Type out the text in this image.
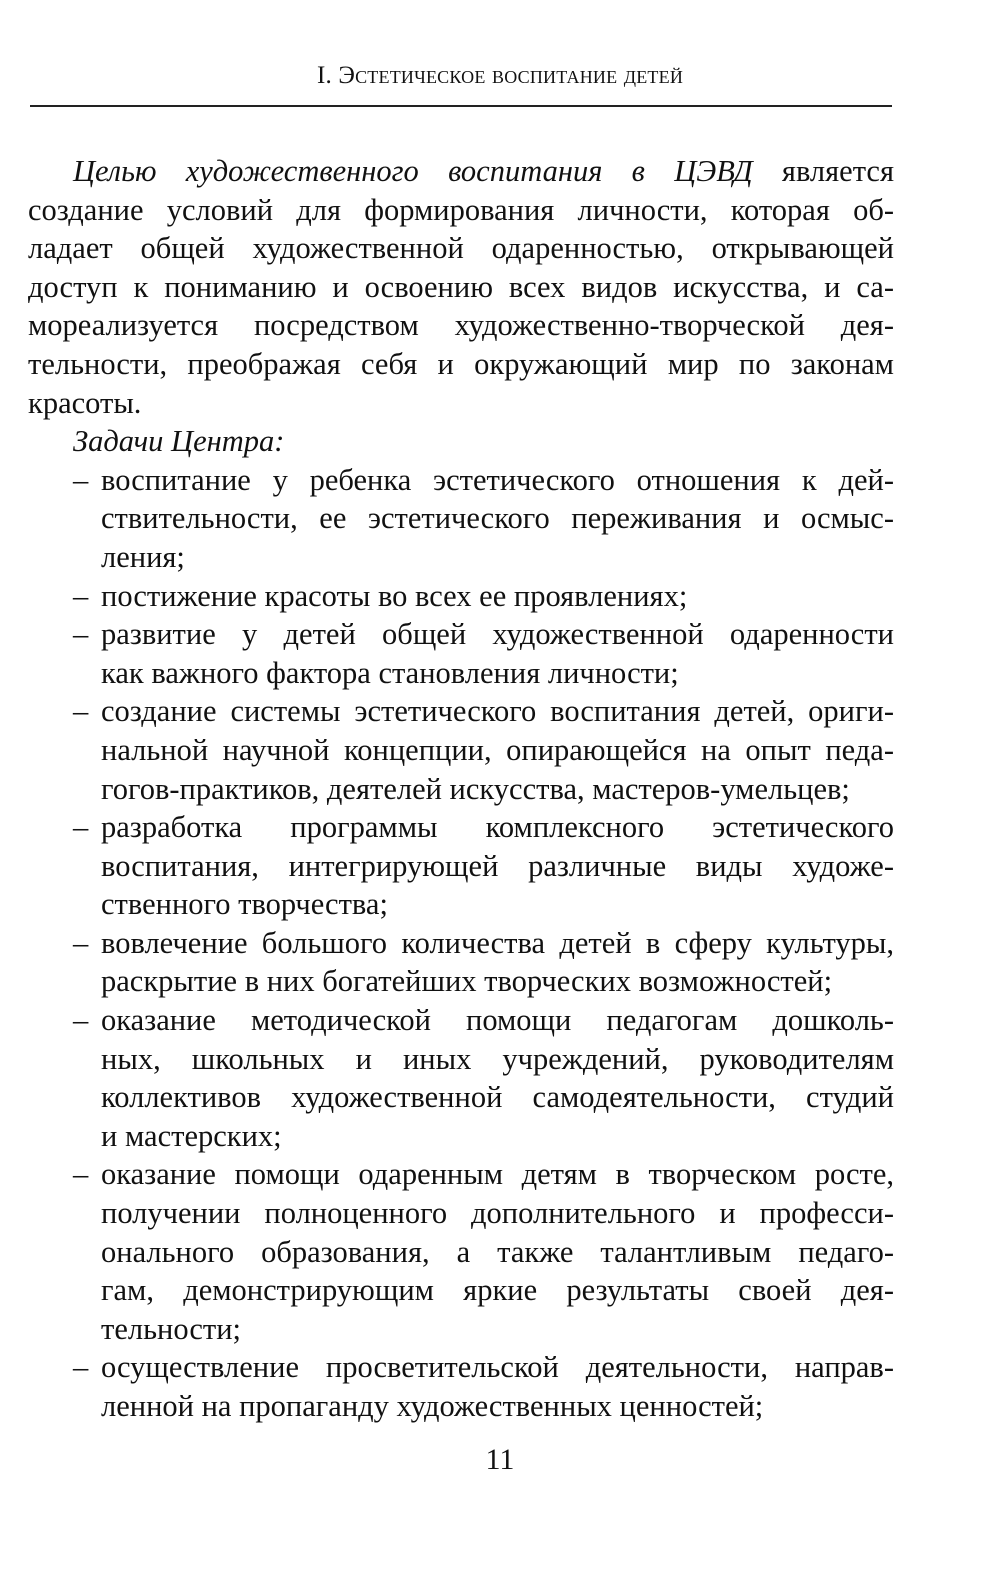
I. Эстетическое воспитание детей
Целью художественного воспитания в ЦЭВД является
создание условий для формирования личности, которая об-
ладает общей художественной одаренностью, открывающей
доступ к пониманию и освоению всех видов искусства, и са-
мореализуется посредством художественно-творческой дея-
тельности, преображая себя и окружающий мир по законам
красоты.
Задачи Центра:
– воспитание у ребенка эстетического отношения к дей-
ствительности, ее эстетического переживания и осмыс-
ления;
– постижение красоты во всех ее проявлениях;
– развитие у детей общей художественной одаренности
как важного фактора становления личности;
– создание системы эстетического воспитания детей, ориги-
нальной научной концепции, опирающейся на опыт педа-
гогов-практиков, деятелей искусства, мастеров-умельцев;
– разработка программы комплексного эстетического
воспитания, интегрирующей различные виды художе-
ственного творчества;
– вовлечение большого количества детей в сферу культуры,
раскрытие в них богатейших творческих возможностей;
– оказание методической помощи педагогам дошколь-
ных, школьных и иных учреждений, руководителям
коллективов художественной самодеятельности, студий
и мастерских;
– оказание помощи одаренным детям в творческом росте,
получении полноценного дополнительного и професси-
онального образования, а также талантливым педаго-
гам, демонстрирующим яркие результаты своей дея-
тельности;
– осуществление просветительской деятельности, направ-
ленной на пропаганду художественных ценностей;
11
